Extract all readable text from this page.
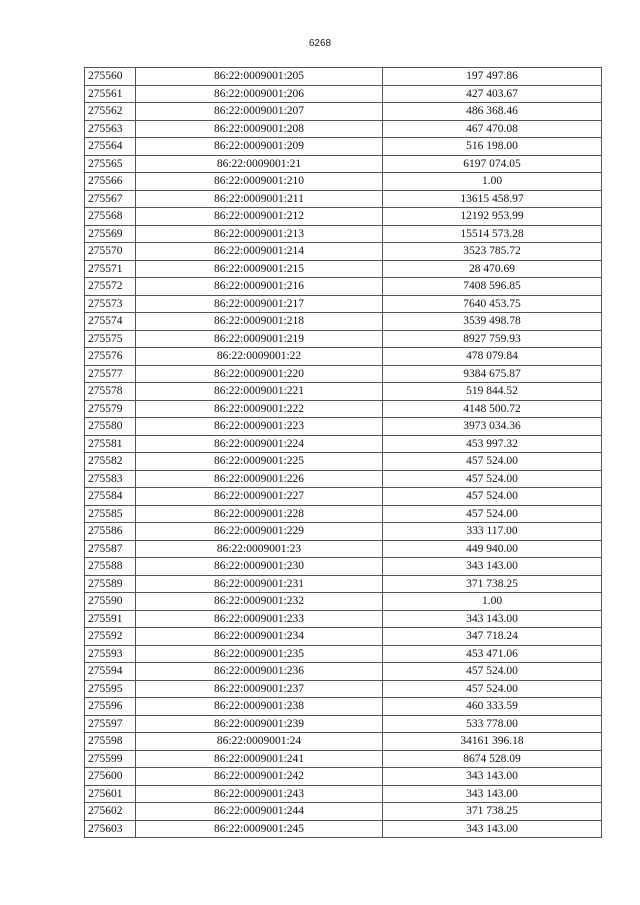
6268
275560	86:22:0009001:205	197 497.86
275561	86:22:0009001:206	427 403.67
275562	86:22:0009001:207	486 368.46
275563	86:22:0009001:208	467 470.08
275564	86:22:0009001:209	516 198.00
275565	86:22:0009001:21	6197 074.05
275566	86:22:0009001:210	1.00
275567	86:22:0009001:211	13615 458.97
275568	86:22:0009001:212	12192 953.99
275569	86:22:0009001:213	15514 573.28
275570	86:22:0009001:214	3523 785.72
275571	86:22:0009001:215	28 470.69
275572	86:22:0009001:216	7408 596.85
275573	86:22:0009001:217	7640 453.75
275574	86:22:0009001:218	3539 498.78
275575	86:22:0009001:219	8927 759.93
275576	86:22:0009001:22	478 079.84
275577	86:22:0009001:220	9384 675.87
275578	86:22:0009001:221	519 844.52
275579	86:22:0009001:222	4148 500.72
275580	86:22:0009001:223	3973 034.36
275581	86:22:0009001:224	453 997.32
275582	86:22:0009001:225	457 524.00
275583	86:22:0009001:226	457 524.00
275584	86:22:0009001:227	457 524.00
275585	86:22:0009001:228	457 524.00
275586	86:22:0009001:229	333 117.00
275587	86:22:0009001:23	449 940.00
275588	86:22:0009001:230	343 143.00
275589	86:22:0009001:231	371 738.25
275590	86:22:0009001:232	1.00
275591	86:22:0009001:233	343 143.00
275592	86:22:0009001:234	347 718.24
275593	86:22:0009001:235	453 471.06
275594	86:22:0009001:236	457 524.00
275595	86:22:0009001:237	457 524.00
275596	86:22:0009001:238	460 333.59
275597	86:22:0009001:239	533 778.00
275598	86:22:0009001:24	34161 396.18
275599	86:22:0009001:241	8674 528.09
275600	86:22:0009001:242	343 143.00
275601	86:22:0009001:243	343 143.00
275602	86:22:0009001:244	371 738.25
275603	86:22:0009001:245	343 143.00
